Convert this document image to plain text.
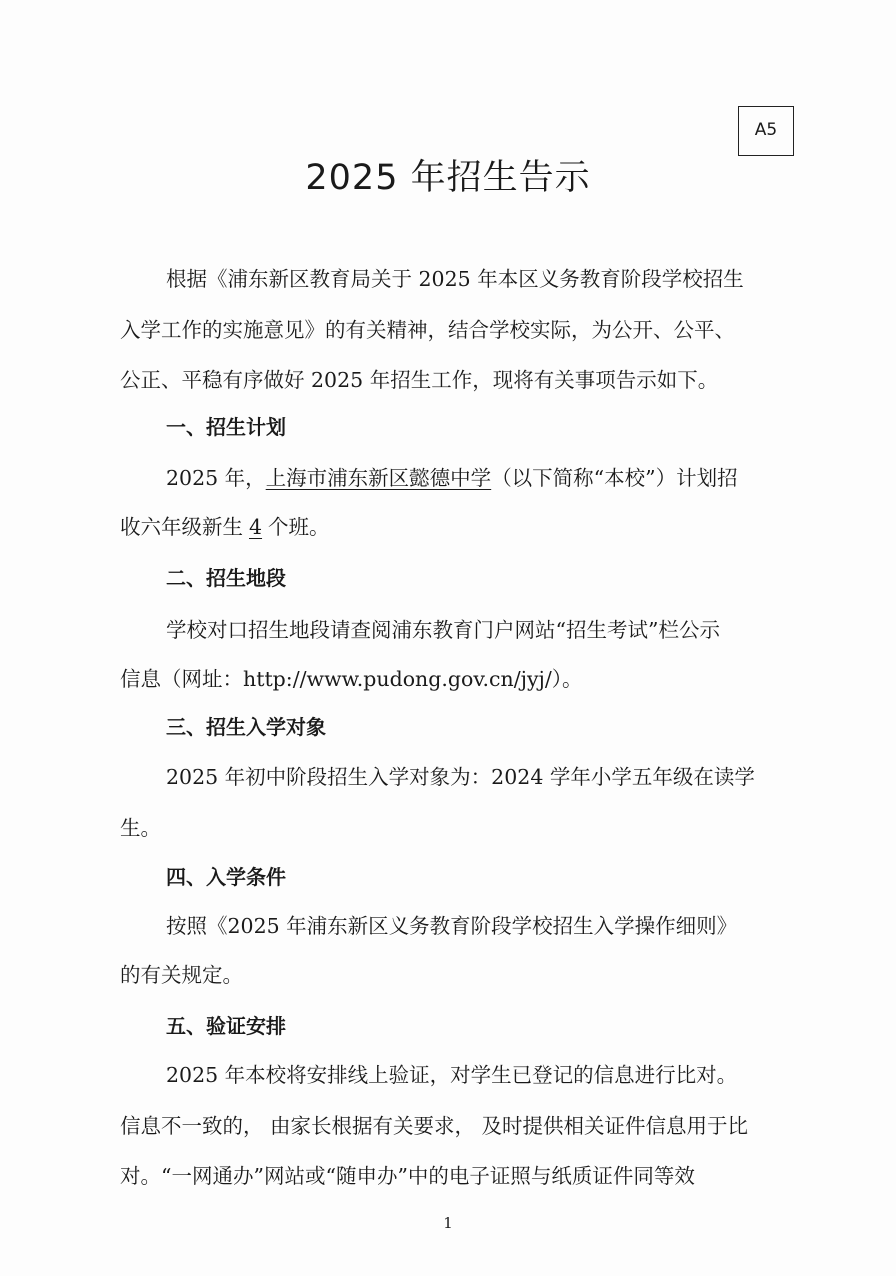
A5
2025 年招生告示
根据《浦东新区教育局关于 2025 年本区义务教育阶段学校招生
入学工作的实施意见》的有关精神，结合学校实际，为公开、公平、
公正、平稳有序做好 2025 年招生工作，现将有关事项告示如下。
一、招生计划
2025 年，上海市浦东新区懿德中学（以下简称“本校”）计划招
收六年级新生 4 个班。
二、招生地段
学校对口招生地段请查阅浦东教育门户网站“招生考试”栏公示
信息（网址：http://www.pudong.gov.cn/jyj/）。
三、招生入学对象
2025 年初中阶段招生入学对象为：2024 学年小学五年级在读学
生。
四、入学条件
按照《2025 年浦东新区义务教育阶段学校招生入学操作细则》
的有关规定。
五、验证安排
2025 年本校将安排线上验证，对学生已登记的信息进行比对。
信息不一致的， 由家长根据有关要求， 及时提供相关证件信息用于比
对。“一网通办”网站或“随申办”中的电子证照与纸质证件同等效
1
